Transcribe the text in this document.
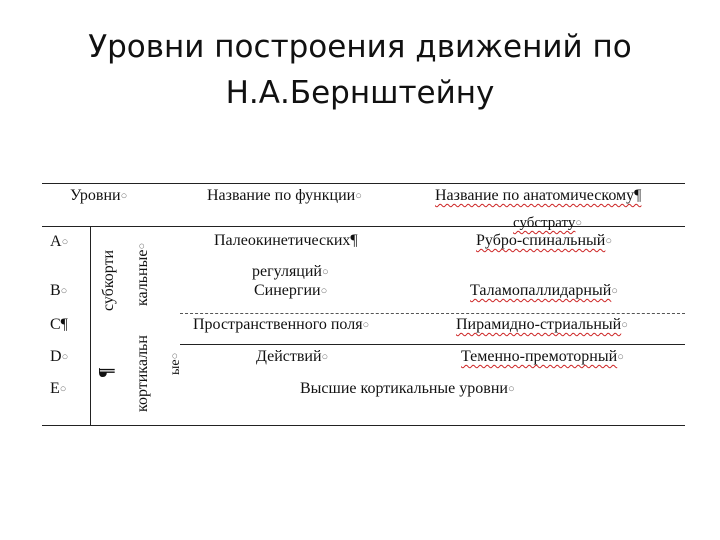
Уровни построения движений по
Н.А.Бернштейну
Уровни○	Название по функции○	Название по анатомическому¶
субстрату○
A○
B○
C¶
D○
E○
субкорти кальные○
¶ кортикальн ые○
Палеокинетических¶
регуляций○
Синергии○
Пространственного поля○
Действий○
Рубро-спинальный○
Таламопаллидарный○
Пирамидно-стриальный○
Теменно-премоторный○
Высшие кортикальные уровни○
